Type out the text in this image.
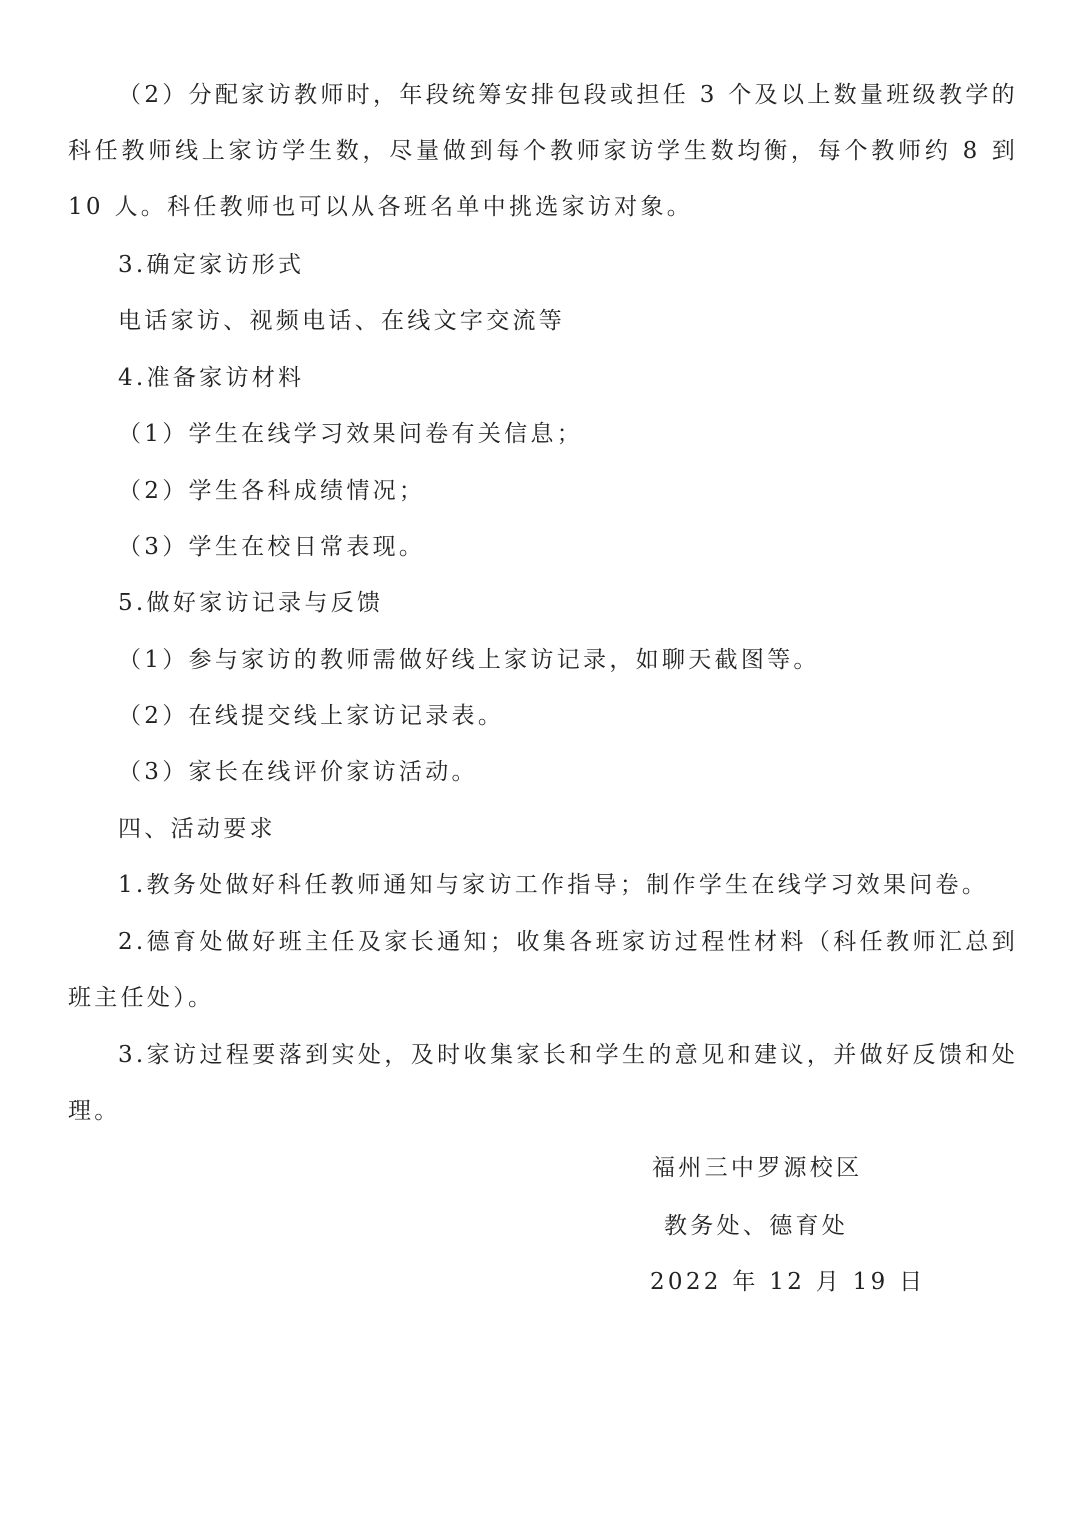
（2）分配家访教师时，年段统筹安排包段或担任 3 个及以上数量班级教学的科任教师线上家访学生数，尽量做到每个教师家访学生数均衡，每个教师约 8 到 10 人。科任教师也可以从各班名单中挑选家访对象。
3.确定家访形式
电话家访、视频电话、在线文字交流等
4.准备家访材料
（1）学生在线学习效果问卷有关信息；
（2）学生各科成绩情况；
（3）学生在校日常表现。
5.做好家访记录与反馈
（1）参与家访的教师需做好线上家访记录，如聊天截图等。
（2）在线提交线上家访记录表。
（3）家长在线评价家访活动。
四、活动要求
1.教务处做好科任教师通知与家访工作指导；制作学生在线学习效果问卷。
2.德育处做好班主任及家长通知；收集各班家访过程性材料（科任教师汇总到班主任处）。
3.家访过程要落到实处，及时收集家长和学生的意见和建议，并做好反馈和处理。
福州三中罗源校区
教务处、德育处
2022 年 12 月 19 日
